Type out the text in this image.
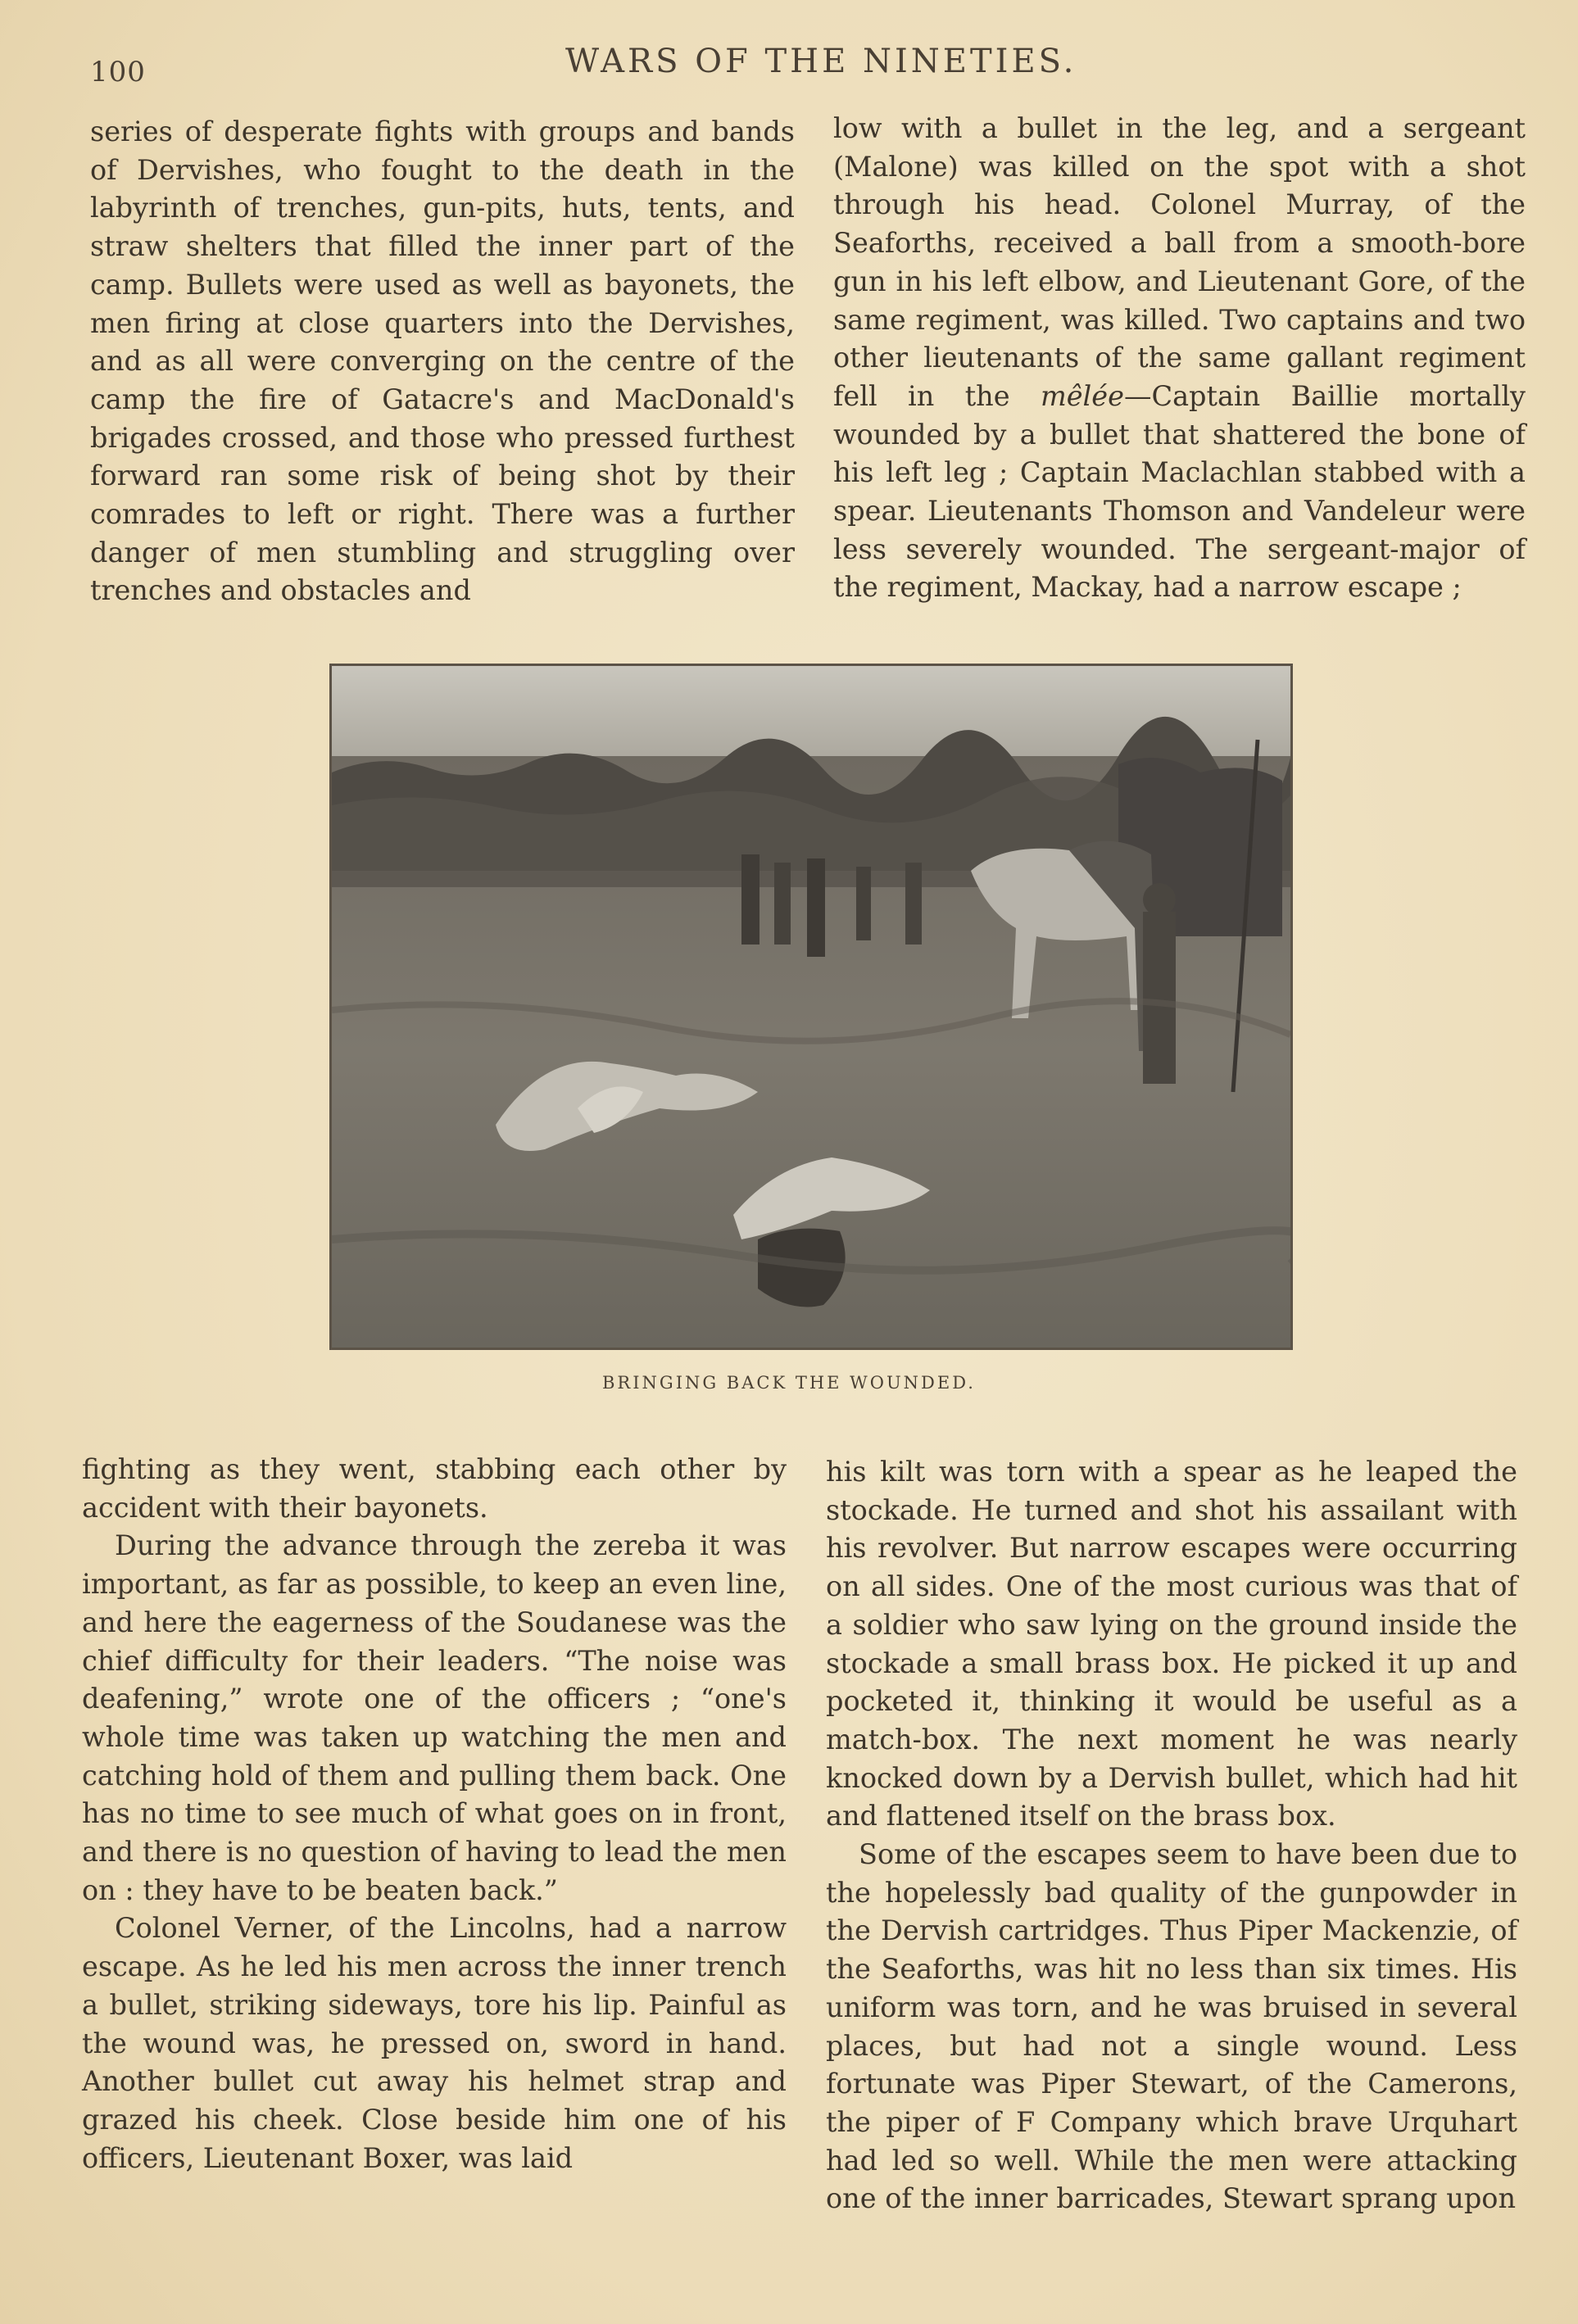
100	WARS OF THE NINETIES.

series of desperate fights with groups and bands of Dervishes, who fought to the death in the labyrinth of trenches, gun-pits, huts, tents, and straw shelters that filled the inner part of the camp. Bullets were used as well as bayonets, the men firing at close quarters into the Dervishes, and as all were converging on the centre of the camp the fire of Gatacre's and MacDonald's brigades crossed, and those who pressed furthest forward ran some risk of being shot by their comrades to left or right. There was a further danger of men stumbling and struggling over trenches and obstacles and

low with a bullet in the leg, and a sergeant (Malone) was killed on the spot with a shot through his head. Colonel Murray, of the Seaforths, received a ball from a smooth-bore gun in his left elbow, and Lieutenant Gore, of the same regiment, was killed. Two captains and two other lieutenants of the same gallant regiment fell in the mêlée—Captain Baillie mortally wounded by a bullet that shattered the bone of his left leg ; Captain Maclachlan stabbed with a spear. Lieutenants Thomson and Vandeleur were less severely wounded. The sergeant-major of the regiment, Mackay, had a narrow escape ;

BRINGING BACK THE WOUNDED.

fighting as they went, stabbing each other by accident with their bayonets.

During the advance through the zereba it was important, as far as possible, to keep an even line, and here the eagerness of the Soudanese was the chief difficulty for their leaders. “The noise was deafening,” wrote one of the officers ; “one's whole time was taken up watching the men and catching hold of them and pulling them back. One has no time to see much of what goes on in front, and there is no question of having to lead the men on : they have to be beaten back.”

Colonel Verner, of the Lincolns, had a narrow escape. As he led his men across the inner trench a bullet, striking sideways, tore his lip. Painful as the wound was, he pressed on, sword in hand. Another bullet cut away his helmet strap and grazed his cheek. Close beside him one of his officers, Lieutenant Boxer, was laid

his kilt was torn with a spear as he leaped the stockade. He turned and shot his assailant with his revolver. But narrow escapes were occurring on all sides. One of the most curious was that of a soldier who saw lying on the ground inside the stockade a small brass box. He picked it up and pocketed it, thinking it would be useful as a match-box. The next moment he was nearly knocked down by a Dervish bullet, which had hit and flattened itself on the brass box.

Some of the escapes seem to have been due to the hopelessly bad quality of the gunpowder in the Dervish cartridges. Thus Piper Mackenzie, of the Seaforths, was hit no less than six times. His uniform was torn, and he was bruised in several places, but had not a single wound. Less fortunate was Piper Stewart, of the Camerons, the piper of F Company which brave Urquhart had led so well. While the men were attacking one of the inner barricades, Stewart sprang upon
